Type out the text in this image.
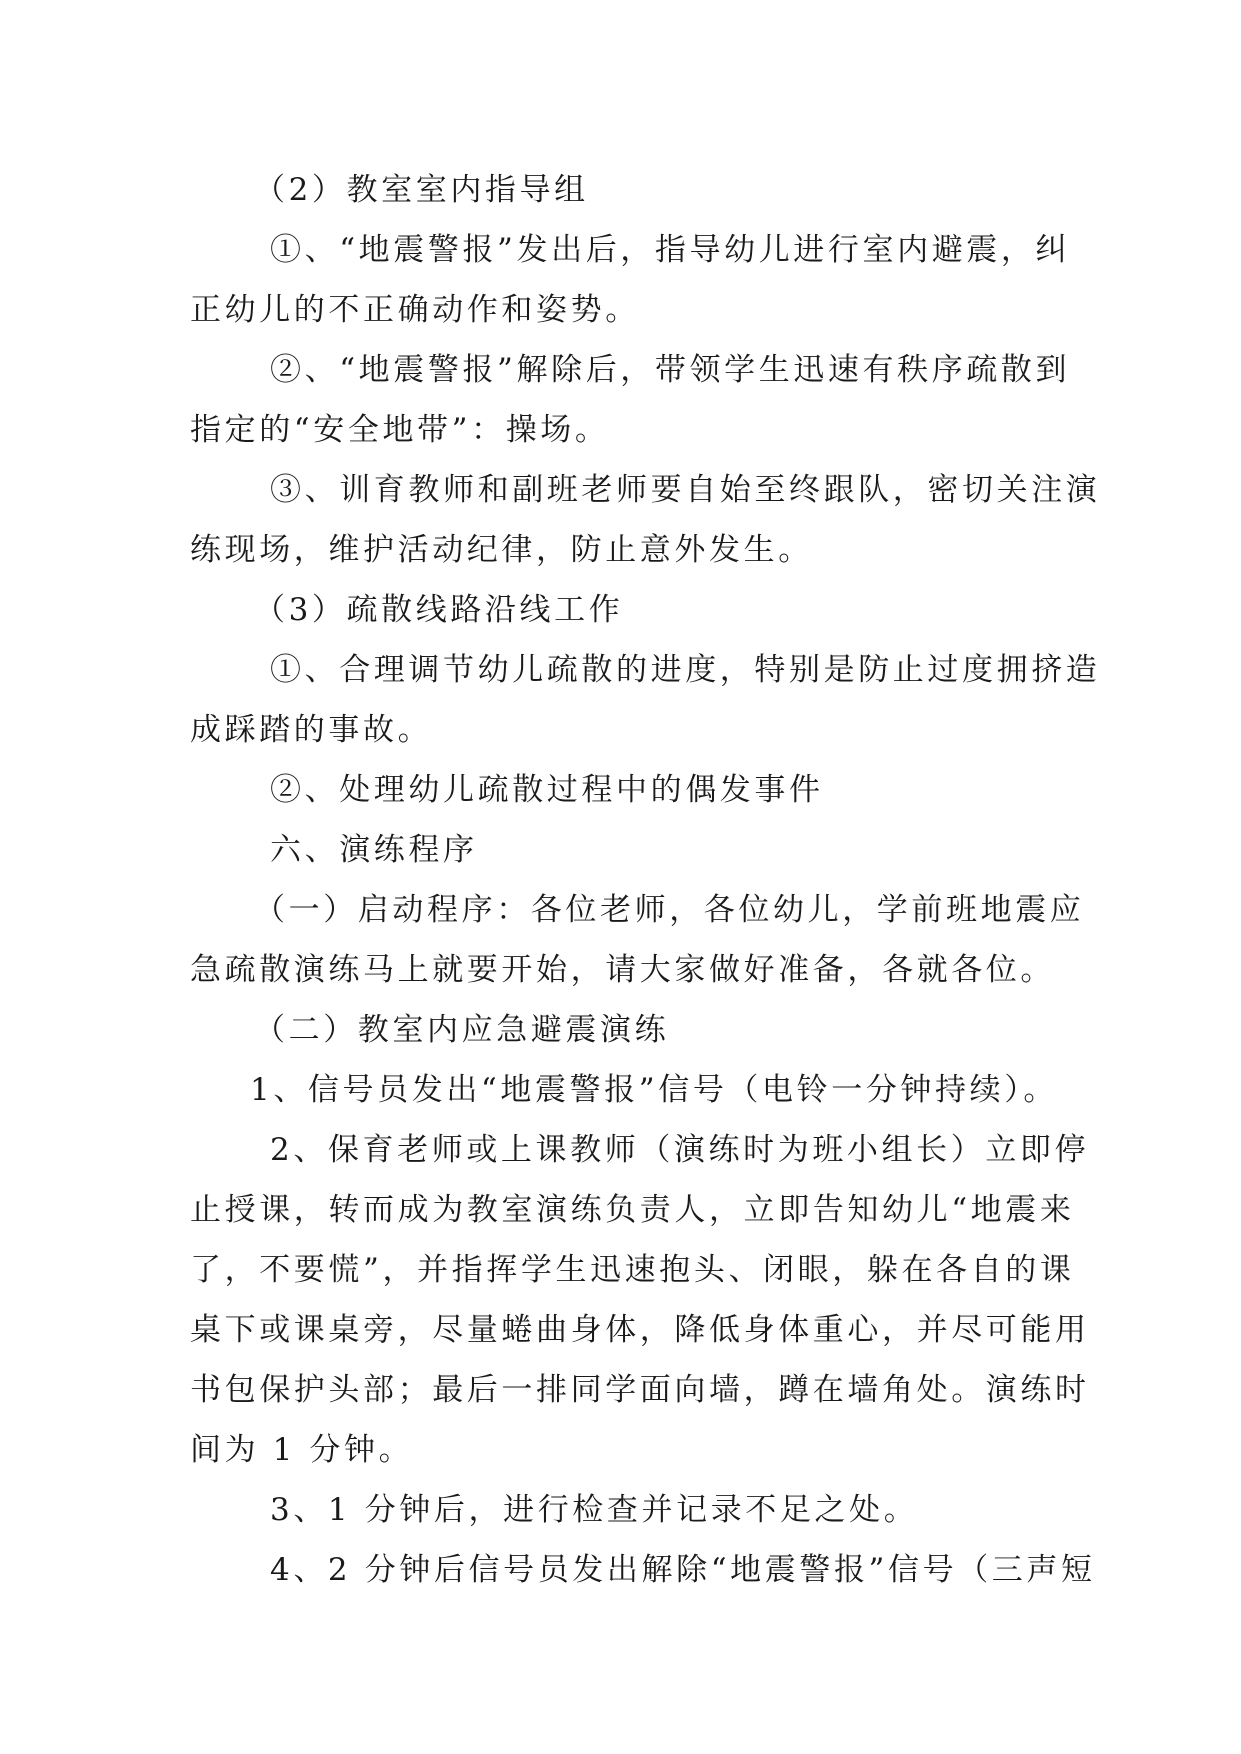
（2）教室室内指导组

①、“地震警报”发出后，指导幼儿进行室内避震，纠

正幼儿的不正确动作和姿势。

②、“地震警报”解除后，带领学生迅速有秩序疏散到

指定的“安全地带”：操场。

③、训育教师和副班老师要自始至终跟队，密切关注演

练现场，维护活动纪律，防止意外发生。

（3）疏散线路沿线工作

①、合理调节幼儿疏散的进度，特别是防止过度拥挤造

成踩踏的事故。

②、处理幼儿疏散过程中的偶发事件

六、演练程序

（一）启动程序：各位老师，各位幼儿，学前班地震应

急疏散演练马上就要开始，请大家做好准备，各就各位。

（二）教室内应急避震演练

1、信号员发出“地震警报”信号（电铃一分钟持续）。

2、保育老师或上课教师（演练时为班小组长）立即停

止授课，转而成为教室演练负责人，立即告知幼儿“地震来

了，不要慌”，并指挥学生迅速抱头、闭眼，躲在各自的课

桌下或课桌旁，尽量蜷曲身体，降低身体重心，并尽可能用

书包保护头部；最后一排同学面向墙，蹲在墙角处。演练时

间为 1 分钟。

3、1 分钟后，进行检查并记录不足之处。

4、2 分钟后信号员发出解除“地震警报”信号（三声短
